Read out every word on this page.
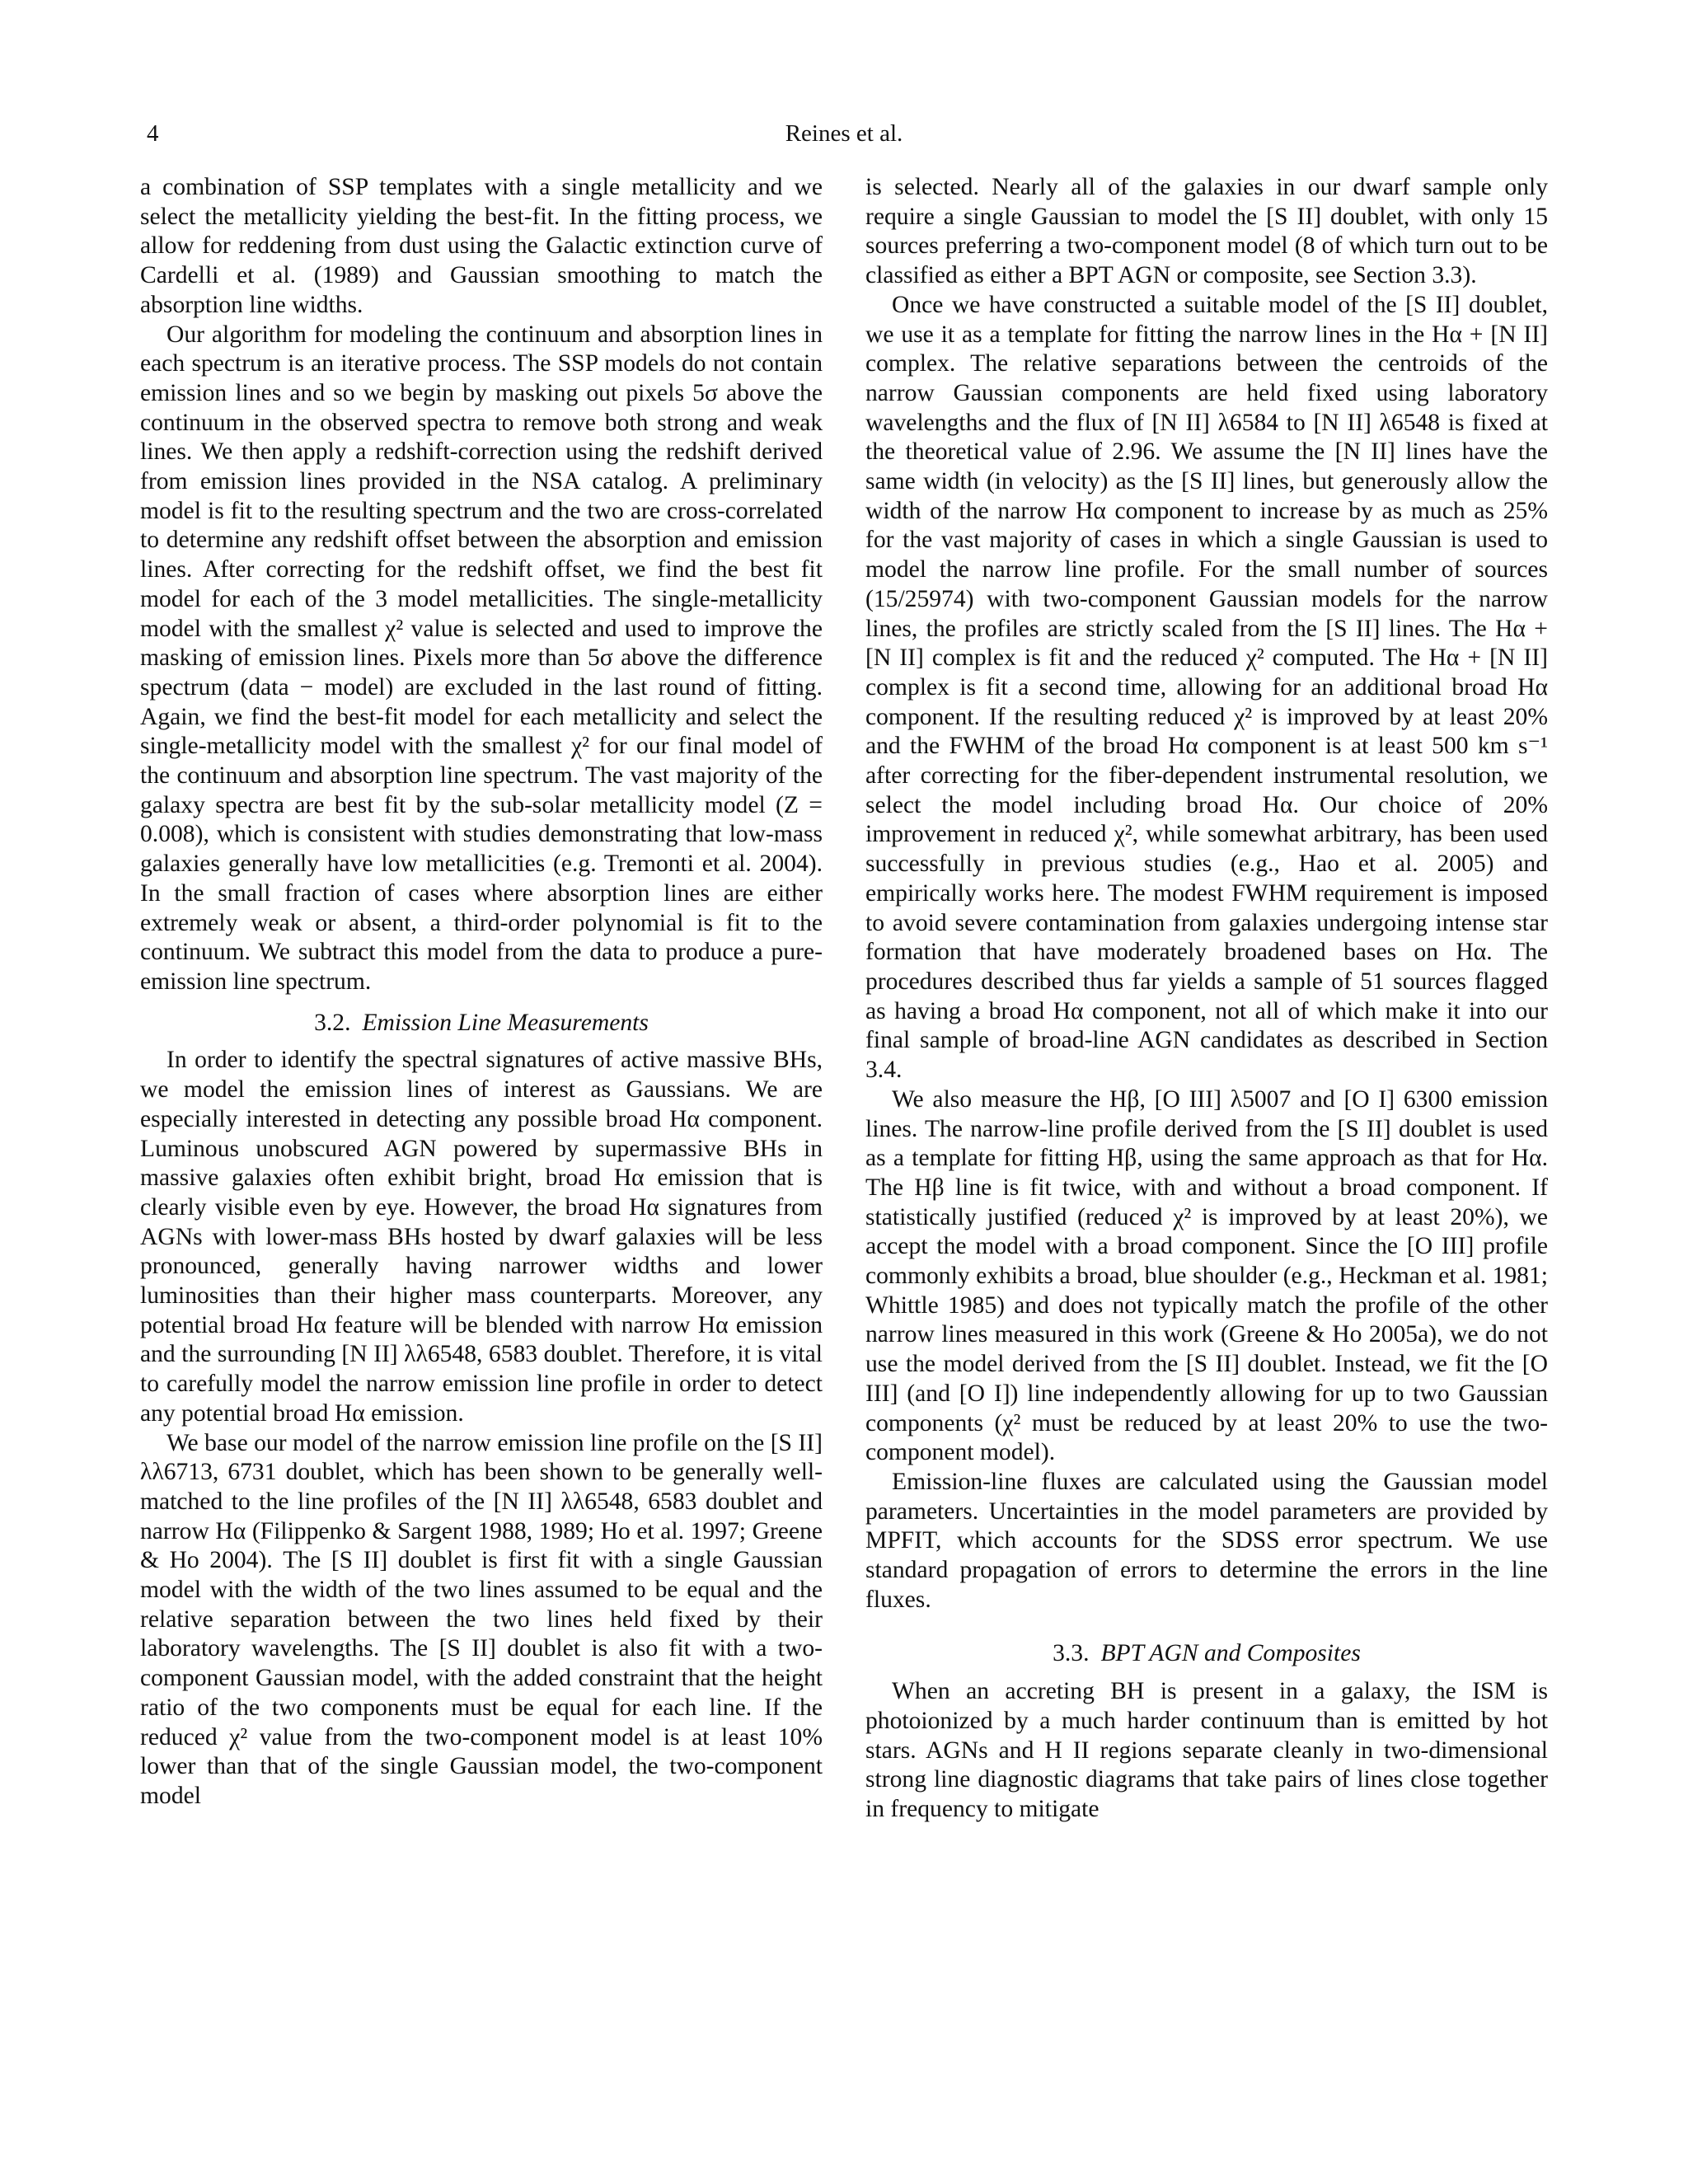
4	Reines et al.

a combination of SSP templates with a single metallicity and we select the metallicity yielding the best-fit. In the fitting process, we allow for reddening from dust using the Galactic extinction curve of Cardelli et al. (1989) and Gaussian smoothing to match the absorption line widths.

Our algorithm for modeling the continuum and absorption lines in each spectrum is an iterative process. The SSP models do not contain emission lines and so we begin by masking out pixels 5σ above the continuum in the observed spectra to remove both strong and weak lines. We then apply a redshift-correction using the redshift derived from emission lines provided in the NSA catalog. A preliminary model is fit to the resulting spectrum and the two are cross-correlated to determine any redshift offset between the absorption and emission lines. After correcting for the redshift offset, we find the best fit model for each of the 3 model metallicities. The single-metallicity model with the smallest χ² value is selected and used to improve the masking of emission lines. Pixels more than 5σ above the difference spectrum (data − model) are excluded in the last round of fitting. Again, we find the best-fit model for each metallicity and select the single-metallicity model with the smallest χ² for our final model of the continuum and absorption line spectrum. The vast majority of the galaxy spectra are best fit by the sub-solar metallicity model (Z = 0.008), which is consistent with studies demonstrating that low-mass galaxies generally have low metallicities (e.g. Tremonti et al. 2004). In the small fraction of cases where absorption lines are either extremely weak or absent, a third-order polynomial is fit to the continuum. We subtract this model from the data to produce a pure-emission line spectrum.

3.2. Emission Line Measurements

In order to identify the spectral signatures of active massive BHs, we model the emission lines of interest as Gaussians. We are especially interested in detecting any possible broad Hα component. Luminous unobscured AGN powered by supermassive BHs in massive galaxies often exhibit bright, broad Hα emission that is clearly visible even by eye. However, the broad Hα signatures from AGNs with lower-mass BHs hosted by dwarf galaxies will be less pronounced, generally having narrower widths and lower luminosities than their higher mass counterparts. Moreover, any potential broad Hα feature will be blended with narrow Hα emission and the surrounding [N II] λλ6548, 6583 doublet. Therefore, it is vital to carefully model the narrow emission line profile in order to detect any potential broad Hα emission.

We base our model of the narrow emission line profile on the [S II] λλ6713, 6731 doublet, which has been shown to be generally well-matched to the line profiles of the [N II] λλ6548, 6583 doublet and narrow Hα (Filippenko & Sargent 1988, 1989; Ho et al. 1997; Greene & Ho 2004). The [S II] doublet is first fit with a single Gaussian model with the width of the two lines assumed to be equal and the relative separation between the two lines held fixed by their laboratory wavelengths. The [S II] doublet is also fit with a two-component Gaussian model, with the added constraint that the height ratio of the two components must be equal for each line. If the reduced χ² value from the two-component model is at least 10% lower than that of the single Gaussian model, the two-component model

is selected. Nearly all of the galaxies in our dwarf sample only require a single Gaussian to model the [S II] doublet, with only 15 sources preferring a two-component model (8 of which turn out to be classified as either a BPT AGN or composite, see Section 3.3).

Once we have constructed a suitable model of the [S II] doublet, we use it as a template for fitting the narrow lines in the Hα + [N II] complex. The relative separations between the centroids of the narrow Gaussian components are held fixed using laboratory wavelengths and the flux of [N II] λ6584 to [N II] λ6548 is fixed at the theoretical value of 2.96. We assume the [N II] lines have the same width (in velocity) as the [S II] lines, but generously allow the width of the narrow Hα component to increase by as much as 25% for the vast majority of cases in which a single Gaussian is used to model the narrow line profile. For the small number of sources (15/25974) with two-component Gaussian models for the narrow lines, the profiles are strictly scaled from the [S II] lines. The Hα + [N II] complex is fit and the reduced χ² computed. The Hα + [N II] complex is fit a second time, allowing for an additional broad Hα component. If the resulting reduced χ² is improved by at least 20% and the FWHM of the broad Hα component is at least 500 km s⁻¹ after correcting for the fiber-dependent instrumental resolution, we select the model including broad Hα. Our choice of 20% improvement in reduced χ², while somewhat arbitrary, has been used successfully in previous studies (e.g., Hao et al. 2005) and empirically works here. The modest FWHM requirement is imposed to avoid severe contamination from galaxies undergoing intense star formation that have moderately broadened bases on Hα. The procedures described thus far yields a sample of 51 sources flagged as having a broad Hα component, not all of which make it into our final sample of broad-line AGN candidates as described in Section 3.4.

We also measure the Hβ, [O III] λ5007 and [O I] 6300 emission lines. The narrow-line profile derived from the [S II] doublet is used as a template for fitting Hβ, using the same approach as that for Hα. The Hβ line is fit twice, with and without a broad component. If statistically justified (reduced χ² is improved by at least 20%), we accept the model with a broad component. Since the [O III] profile commonly exhibits a broad, blue shoulder (e.g., Heckman et al. 1981; Whittle 1985) and does not typically match the profile of the other narrow lines measured in this work (Greene & Ho 2005a), we do not use the model derived from the [S II] doublet. Instead, we fit the [O III] (and [O I]) line independently allowing for up to two Gaussian components (χ² must be reduced by at least 20% to use the two-component model).

Emission-line fluxes are calculated using the Gaussian model parameters. Uncertainties in the model parameters are provided by MPFIT, which accounts for the SDSS error spectrum. We use standard propagation of errors to determine the errors in the line fluxes.

3.3. BPT AGN and Composites

When an accreting BH is present in a galaxy, the ISM is photoionized by a much harder continuum than is emitted by hot stars. AGNs and H II regions separate cleanly in two-dimensional strong line diagnostic diagrams that take pairs of lines close together in frequency to mitigate
